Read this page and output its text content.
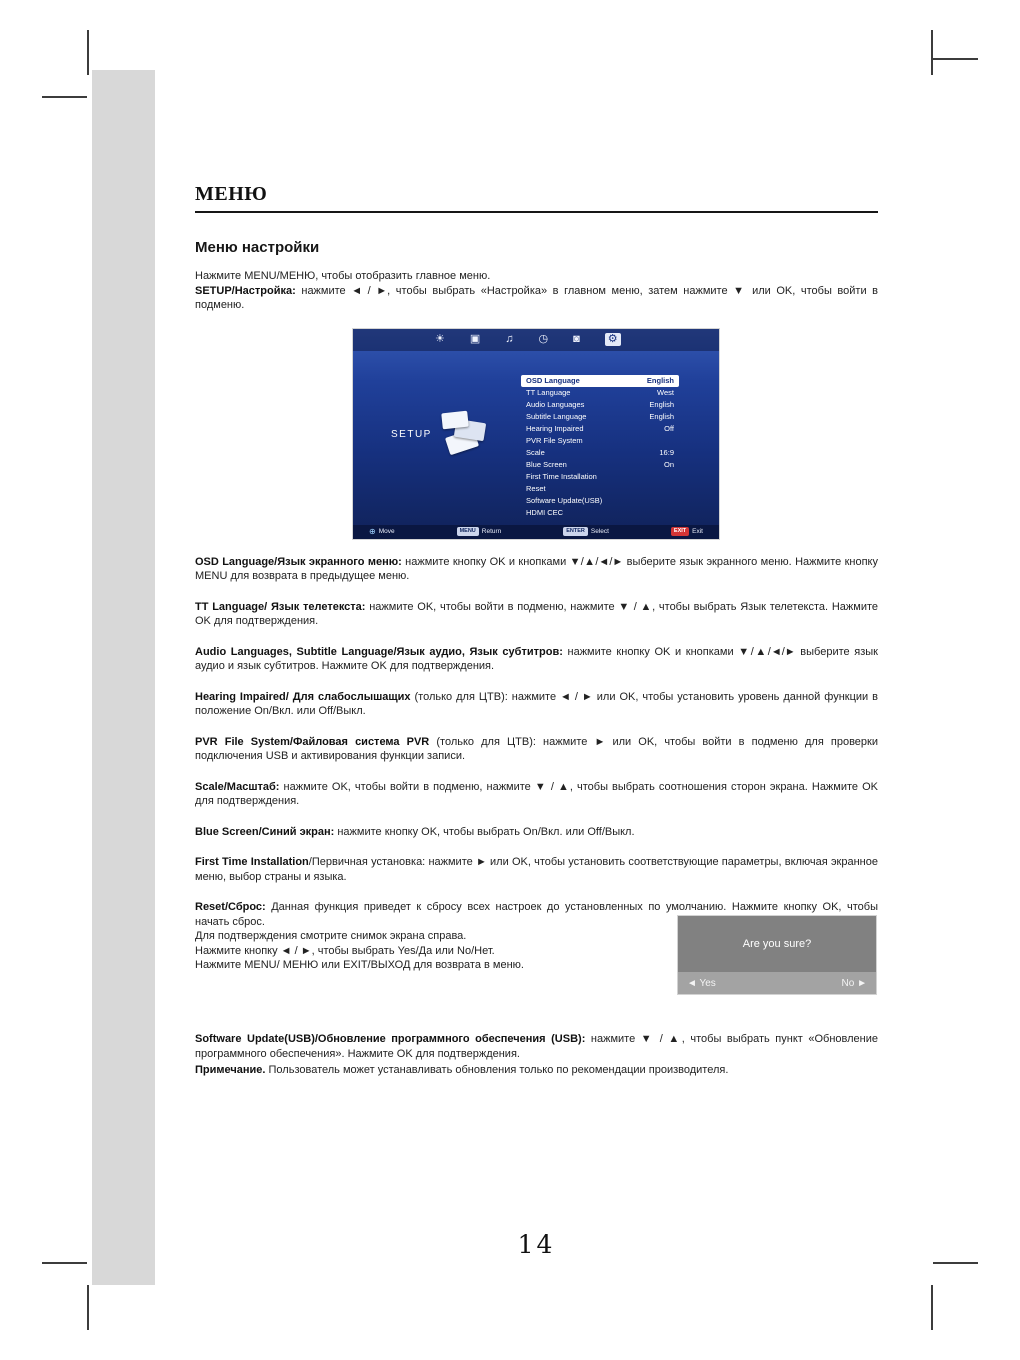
МЕНЮ
Меню настройки

Нажмите MENU/МЕНЮ, чтобы отобразить главное меню.
SETUP/Настройка: нажмите ◄ / ►, чтобы выбрать «Настройка» в главном меню, затем нажмите ▼ или OK, чтобы войти в подменю.

☀ ▣ ♫ ◷ ◙	⚙
SETUP
OSD Language	English
TT Language	West
Audio Languages	English
Subtitle Language	English
Hearing Impaired	Off
PVR File System
Scale	16:9
Blue Screen	On
First Time Installation
Reset
Software Update(USB)
HDMI CEC
⊕ Move	MENU Return	ENTER Select	EXIT Exit

OSD Language/Язык экранного меню: нажмите кнопку OK и кнопками ▼/▲/◄/► выберите язык экранного меню. Нажмите кнопку MENU для возврата в предыдущее меню.

TT Language/ Язык телетекста: нажмите OK, чтобы войти в подменю, нажмите ▼ / ▲, чтобы выбрать Язык телетекста. Нажмите OK для подтверждения.

Audio Languages, Subtitle Language/Язык аудио, Язык субтитров: нажмите кнопку OK и кнопками ▼/▲/◄/► выберите язык аудио и язык субтитров. Нажмите OK для подтверждения.

Hearing Impaired/ Для слабослышащих (только для ЦТВ): нажмите ◄ / ► или OK, чтобы установить уровень данной функции в положение On/Вкл. или Off/Выкл.

PVR File System/Файловая система PVR (только для ЦТВ): нажмите ► или OK, чтобы войти в подменю для проверки подключения USB и активирования функции записи.

Scale/Масштаб: нажмите OK, чтобы войти в подменю, нажмите ▼ / ▲, чтобы выбрать соотношения сторон экрана. Нажмите OK для подтверждения.

Blue Screen/Синий экран: нажмите кнопку OK, чтобы выбрать On/Вкл. или Off/Выкл.

First Time Installation/Первичная установка: нажмите ► или OK, чтобы установить соответствующие параметры, включая экранное меню, выбор страны и языка.

Reset/Сброс: Данная функция приведет к сбросу всех настроек до установленных по умолчанию. Нажмите кнопку OK, чтобы начать сброс.

Для подтверждения смотрите снимок экрана справа.
Нажмите кнопку ◄ / ►, чтобы выбрать Yes/Да или No/Нет.
Нажмите MENU/ МЕНЮ или EXIT/ВЫХОД для возврата в меню.
Are you sure?
◄ Yes	No ►

Software Update(USB)/Обновление программного обеспечения (USB): нажмите ▼ / ▲, чтобы выбрать пункт «Обновление программного обеспечения». Нажмите OK для подтверждения.

Примечание. Пользователь может устанавливать обновления только по рекомендации производителя.

14
